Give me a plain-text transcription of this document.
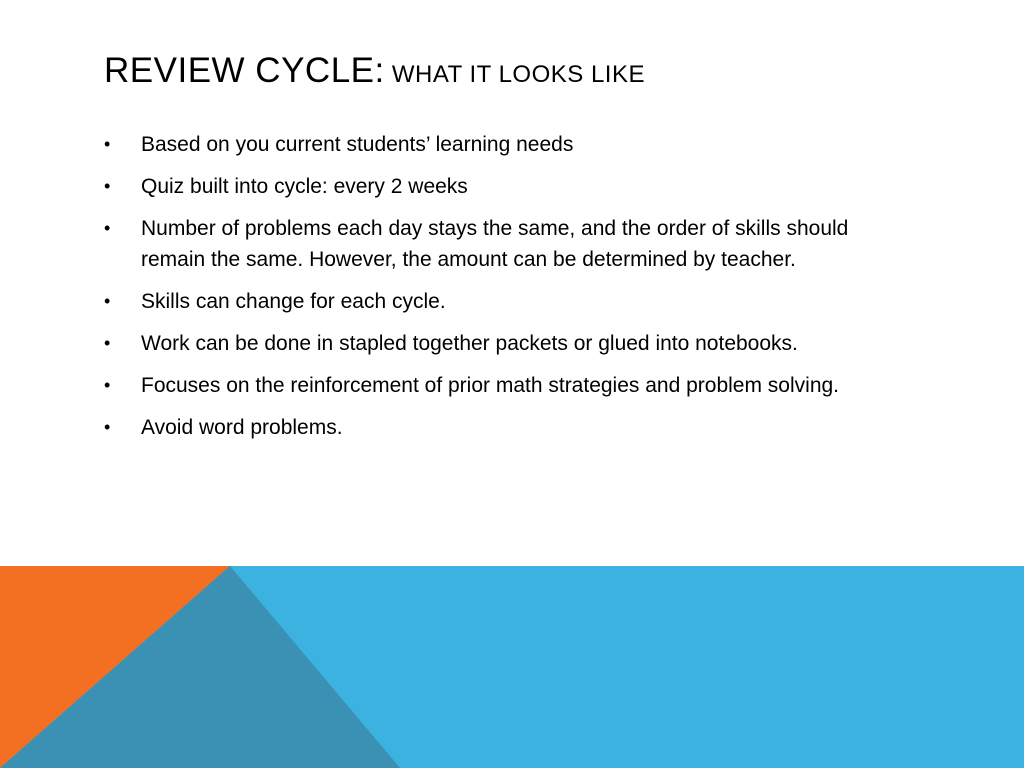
REVIEW CYCLE: WHAT IT LOOKS LIKE
• Based on you current students’ learning needs
• Quiz built into cycle: every 2 weeks
• Number of problems each day stays the same, and the order of skills should remain the same. However, the amount can be determined by teacher.
• Skills can change for each cycle.
• Work can be done in stapled together packets or glued into notebooks.
• Focuses on the reinforcement of prior math strategies and problem solving.
• Avoid word problems.
